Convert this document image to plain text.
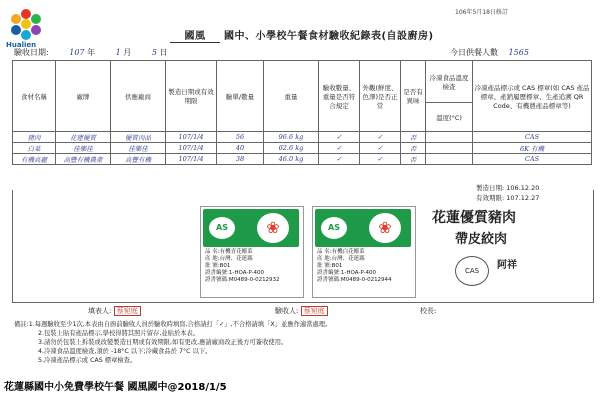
Hualien
106年5月18日修訂
國風 國中、小學校午餐食材驗收紀錄表(自設廚房)
驗收日期:	107 年	1 月	5 日	今日供餐人數 1565
食材名稱	廠牌	供應廠商	製造日期或有效期限	驗單/數量	重量	驗收數量、重量是否符合規定	外觀(鮮度、色澤)是否正常	是否有異味	冷凍食品溫度檢查	冷凍產品標示或 CAS 標章(如 CAS 產品標章、產銷履歷標章、生產追溯 QR Code、有機農產品標章等)
									溫度(°C)	
豬肉	花蓮優質	優質肉品	107/1/4	56	96.6 kg	✓	✓	否		CAS
白菜	佳樂佳	佳樂佳	107/1/4	40	62.6 kg	✓	✓	否		6K 有機
有機高麗	高豐有機農產	高豐有機	107/1/4	38	46.0 kg	✓	✓	否		CAS
AS	❀
品 名:有機青花椰菜
產 地:台灣、花蓮縣
批 號:B01
證書編號:1-HOA-P-400
證書號碼:M0489-0-0212932
AS	❀
品 名:有機白花椰菜
產 地:台灣、花蓮縣
批 號:B01
證書編號:1-HOA-P-400
證書號碼:M0489-0-0212944
製造日期: 106.12.20
有效期限: 107.12.27
花蓮優質豬肉
帶皮絞肉
CAS	阿祥
填表人: 蔡宛庭	驗收人: 蔡宛庭	校長:
備註:1.每週驗收至少1次,本表由自廚前驗收人員於驗收時填寫,合格請打「✓」,不合格請填「X」並應作適當處理。
2.包裝上貼有產品標示,學校得將其照片留存,並貼於本表。
3.請勿於包裝上拆裝或改變製造日期或有效期限,如有更改,應請廠商改正後方可簽收使用。
4.冷凍食品溫度檢查,須於 -18°C 以下;冷藏食品於 7°C 以下。
5.冷凍產品標示或 CAS 標章檢查。
花蓮縣國中小免費學校午餐 國風國中@2018/1/5
